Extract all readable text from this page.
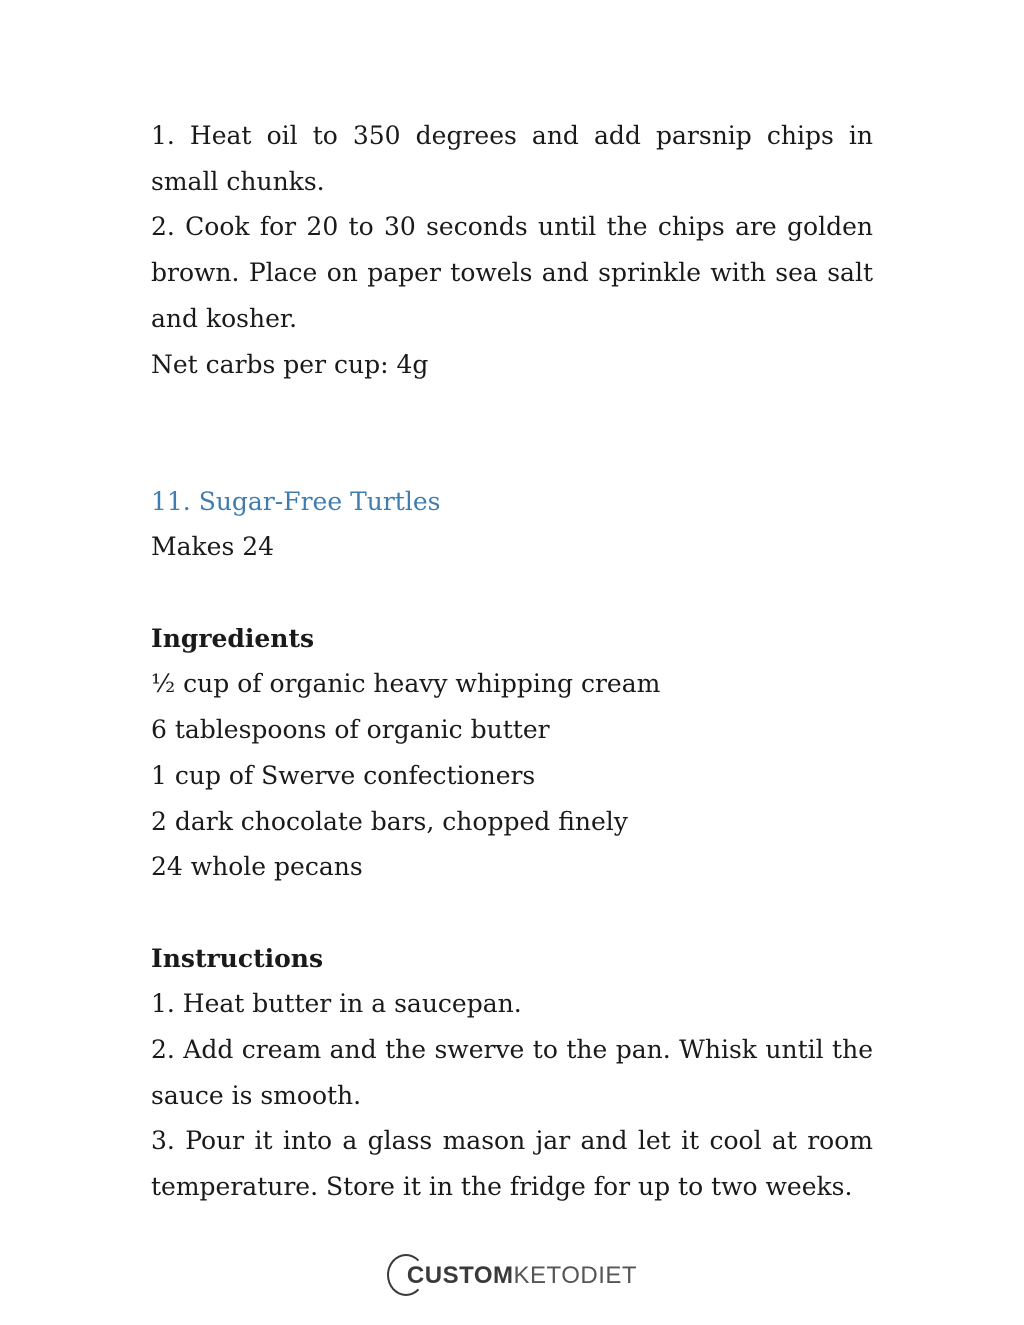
1. Heat oil to 350 degrees and add parsnip chips in small chunks.

2. Cook for 20 to 30 seconds until the chips are golden brown. Place on paper towels and sprinkle with sea salt and kosher.

Net carbs per cup: 4g

11. Sugar-Free Turtles

Makes 24

Ingredients

½ cup of organic heavy whipping cream

6 tablespoons of organic butter

1 cup of Swerve confectioners

2 dark chocolate bars, chopped finely

24 whole pecans

Instructions

1. Heat butter in a saucepan.

2. Add cream and the swerve to the pan. Whisk until the sauce is smooth.

3. Pour it into a glass mason jar and let it cool at room temperature. Store it in the fridge for up to two weeks.

C USTOM KETODIET
